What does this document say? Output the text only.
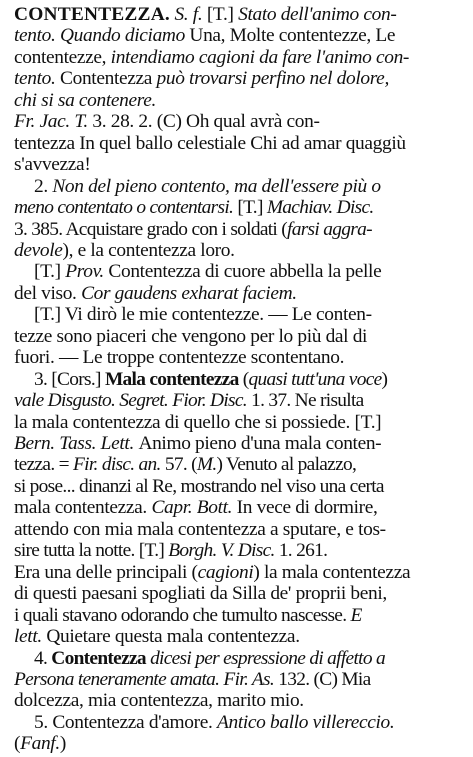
CONTENTEZZA. S. f. [T.] Stato dell'animo con-
tento. Quando diciamo Una, Molte contentezze, Le
contentezze, intendiamo cagioni da fare l'animo con-
tento. Contentezza può trovarsi perfino nel dolore,
chi si sa contenere.
Fr. Jac. T. 3. 28. 2. (C) Oh qual avrà con-
tentezza In quel ballo celestiale Chi ad amar quaggiù
s'avvezza!
2. Non del pieno contento, ma dell'essere più o
meno contentato o contentarsi. [T.] Machiav. Disc.
3. 385. Acquistare grado con i soldati (farsi aggra-
devole), e la contentezza loro.
[T.] Prov. Contentezza di cuore abbella la pelle
del viso. Cor gaudens exharat faciem.
[T.] Vi dirò le mie contentezze. — Le conten-
tezze sono piaceri che vengono per lo più dal di
fuori. — Le troppe contentezze scontentano.
3. [Cors.] Mala contentezza (quasi tutt'una voce)
vale Disgusto. Segret. Fior. Disc. 1. 37. Ne risulta
la mala contentezza di quello che si possiede. [T.]
Bern. Tass. Lett. Animo pieno d'una mala conten-
tezza. = Fir. disc. an. 57. (M.) Venuto al palazzo,
si pose... dinanzi al Re, mostrando nel viso una certa
mala contentezza. Capr. Bott. In vece di dormire,
attendo con mia mala contentezza a sputare, e tos-
sire tutta la notte. [T.] Borgh. V. Disc. 1. 261.
Era una delle principali (cagioni) la mala contentezza
di questi paesani spogliati da Silla de' proprii beni,
i quali stavano odorando che tumulto nascesse. E
lett. Quietare questa mala contentezza.
4. Contentezza dicesi per espressione di affetto a
Persona teneramente amata. Fir. As. 132. (C) Mia
dolcezza, mia contentezza, marito mio.
5. Contentezza d'amore. Antico ballo villereccio.
(Fanf.)
